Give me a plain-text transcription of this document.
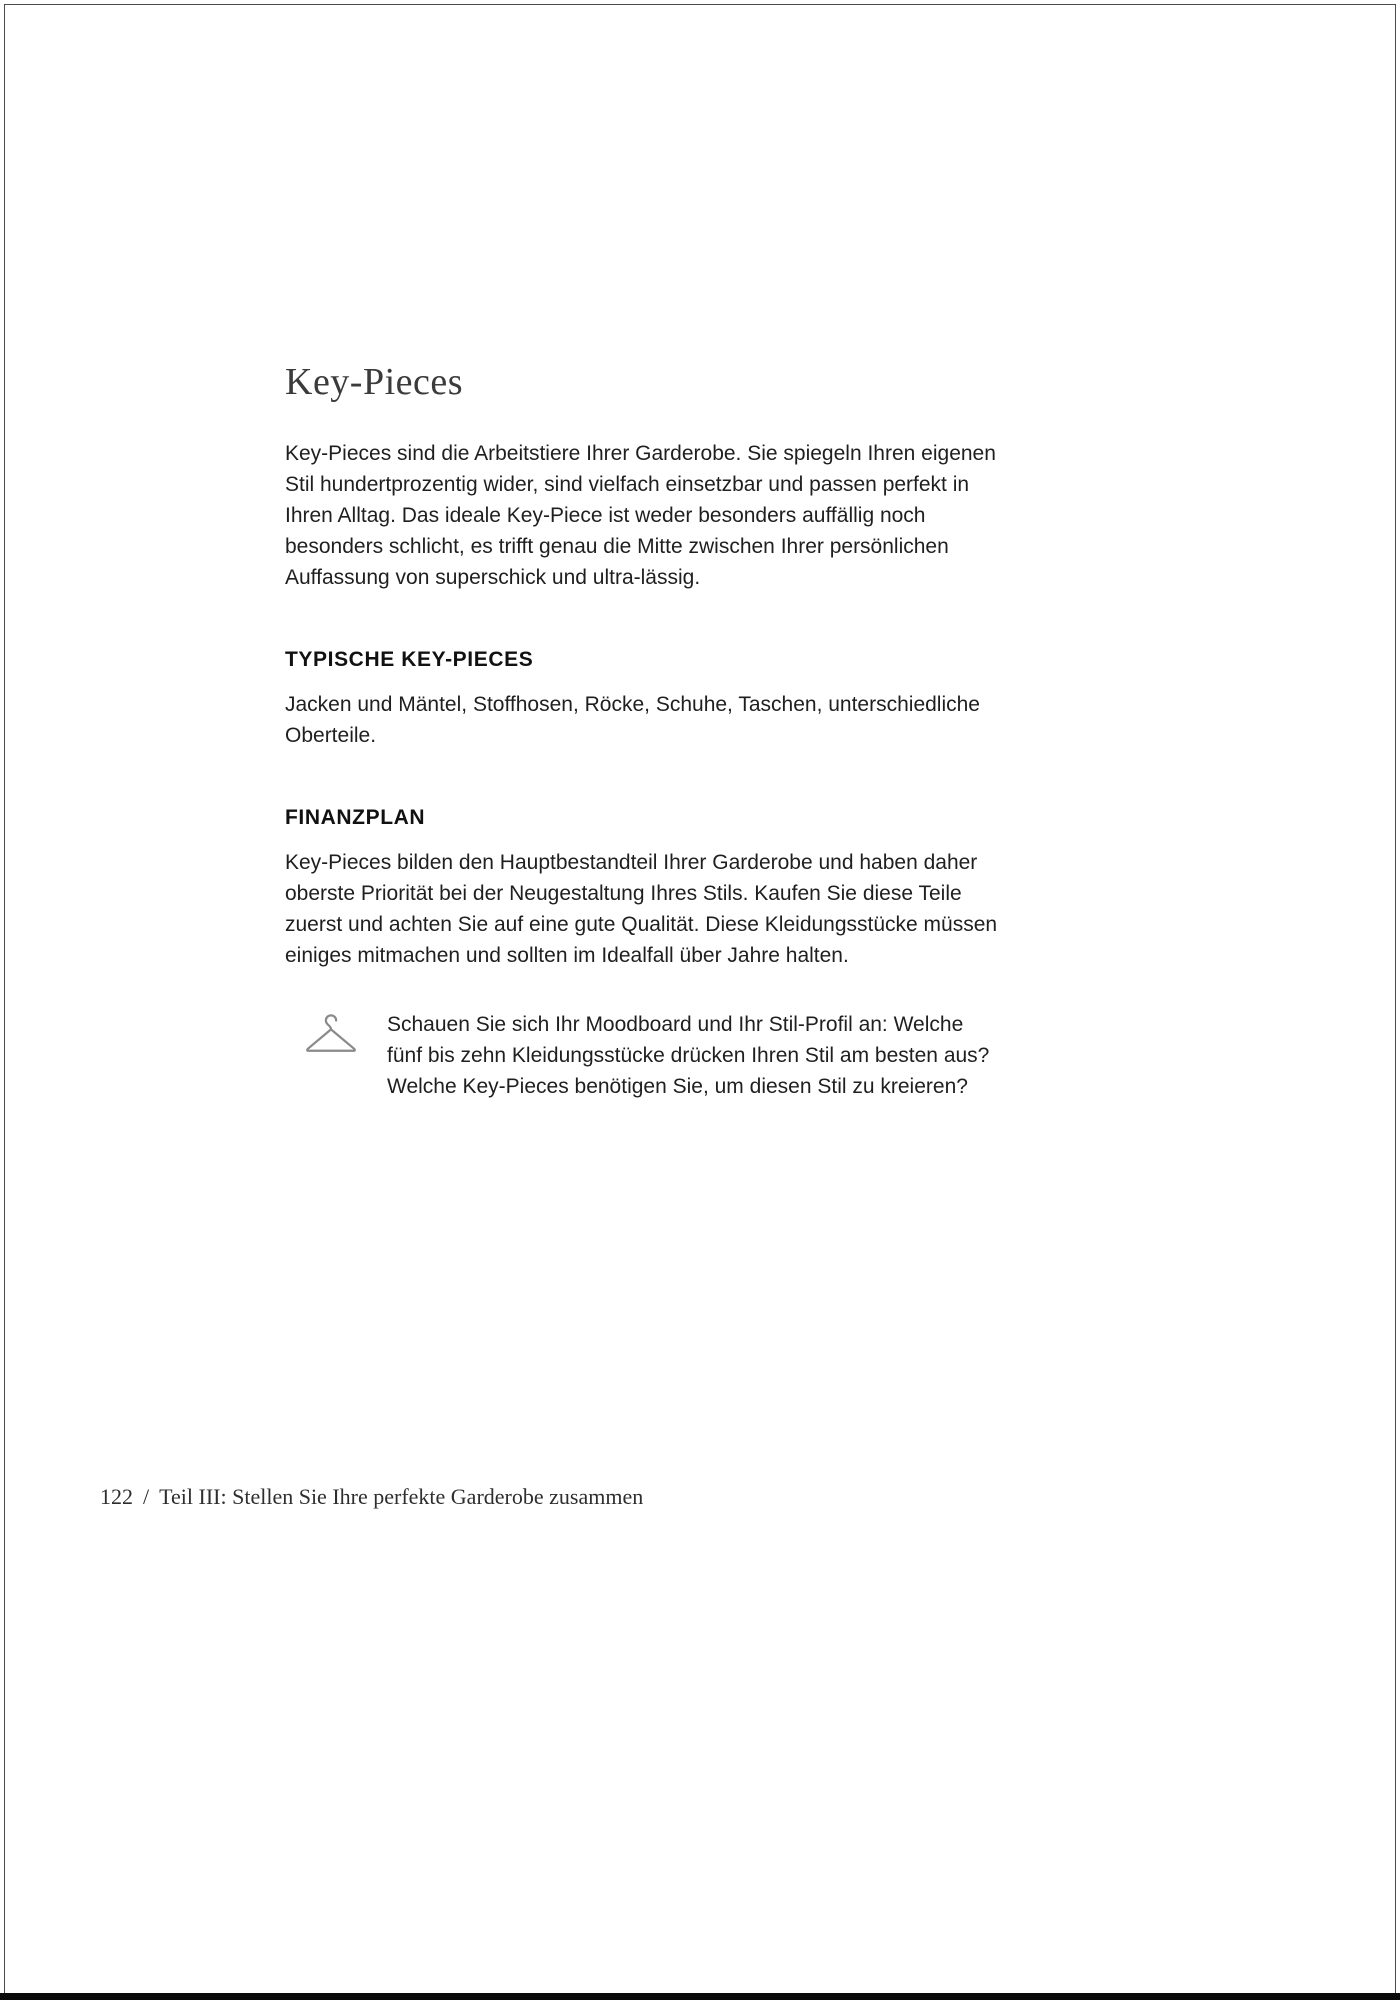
Key-Pieces

Key-Pieces sind die Arbeitstiere Ihrer Garderobe. Sie spiegeln Ihren eigenen Stil hundertprozentig wider, sind vielfach einsetzbar und passen perfekt in Ihren Alltag. Das ideale Key-Piece ist weder besonders auffällig noch besonders schlicht, es trifft genau die Mitte zwischen Ihrer persönlichen Auffassung von superschick und ultra-lässig.

TYPISCHE KEY-PIECES

Jacken und Mäntel, Stoffhosen, Röcke, Schuhe, Taschen, unterschiedliche Oberteile.

FINANZPLAN

Key-Pieces bilden den Hauptbestandteil Ihrer Garderobe und haben daher oberste Priorität bei der Neugestaltung Ihres Stils. Kaufen Sie diese Teile zuerst und achten Sie auf eine gute Qualität. Diese Kleidungsstücke müssen einiges mitmachen und sollten im Idealfall über Jahre halten.

Schauen Sie sich Ihr Moodboard und Ihr Stil-Profil an: Welche fünf bis zehn Kleidungsstücke drücken Ihren Stil am besten aus? Welche Key-Pieces benötigen Sie, um diesen Stil zu kreieren?
122 / Teil III: Stellen Sie Ihre perfekte Garderobe zusammen
